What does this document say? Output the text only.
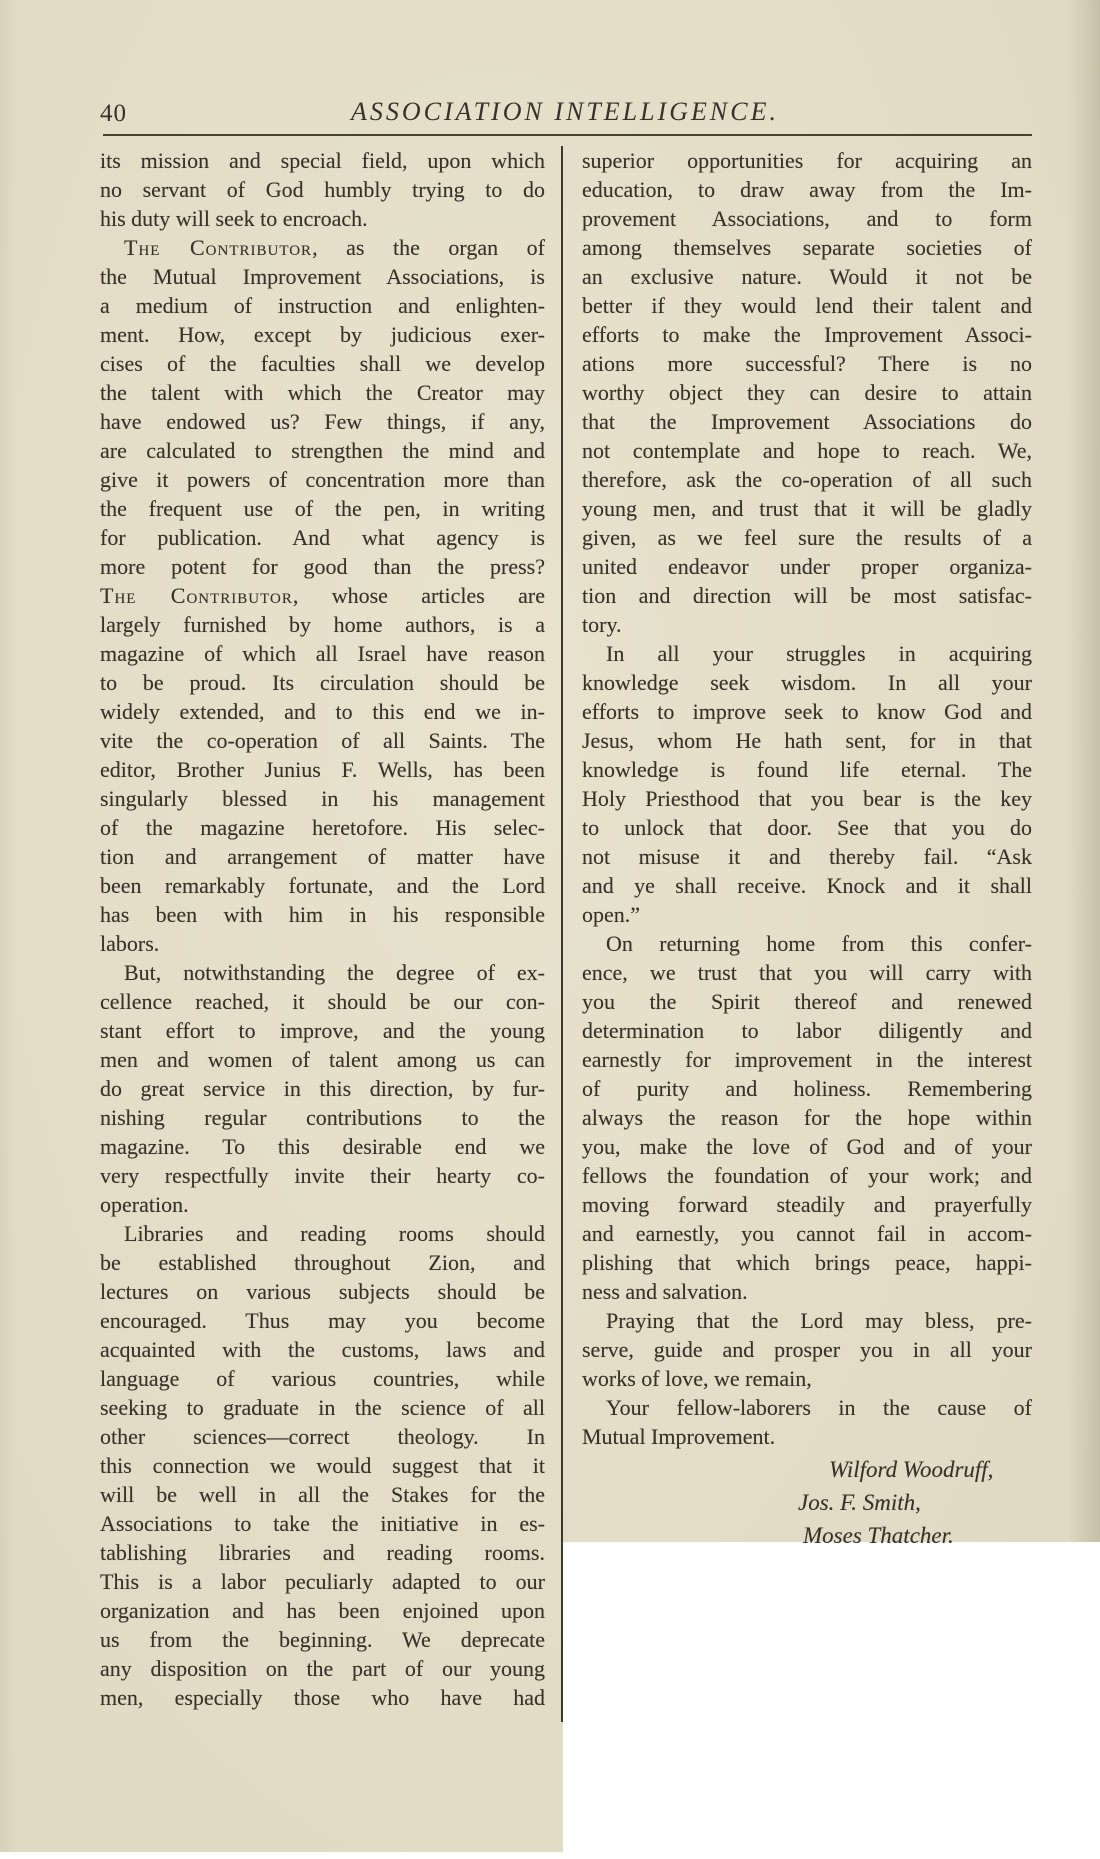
40	ASSOCIATION INTELLIGENCE.
its mission and special field, upon which
no servant of God humbly trying to do
his duty will seek to encroach.
The Contributor, as the organ of
the Mutual Improvement Associations, is
a medium of instruction and enlighten-
ment. How, except by judicious exer-
cises of the faculties shall we develop
the talent with which the Creator may
have endowed us? Few things, if any,
are calculated to strengthen the mind and
give it powers of concentration more than
the frequent use of the pen, in writing
for publication. And what agency is
more potent for good than the press?
The Contributor, whose articles are
largely furnished by home authors, is a
magazine of which all Israel have reason
to be proud. Its circulation should be
widely extended, and to this end we in-
vite the co-operation of all Saints. The
editor, Brother Junius F. Wells, has been
singularly blessed in his management
of the magazine heretofore. His selec-
tion and arrangement of matter have
been remarkably fortunate, and the Lord
has been with him in his responsible
labors.
But, notwithstanding the degree of ex-
cellence reached, it should be our con-
stant effort to improve, and the young
men and women of talent among us can
do great service in this direction, by fur-
nishing regular contributions to the
magazine. To this desirable end we
very respectfully invite their hearty co-
operation.
Libraries and reading rooms should
be established throughout Zion, and
lectures on various subjects should be
encouraged. Thus may you become
acquainted with the customs, laws and
language of various countries, while
seeking to graduate in the science of all
other sciences—correct theology. In
this connection we would suggest that it
will be well in all the Stakes for the
Associations to take the initiative in es-
tablishing libraries and reading rooms.
This is a labor peculiarly adapted to our
organization and has been enjoined upon
us from the beginning. We deprecate
any disposition on the part of our young
men, especially those who have had
superior opportunities for acquiring an
education, to draw away from the Im-
provement Associations, and to form
among themselves separate societies of
an exclusive nature. Would it not be
better if they would lend their talent and
efforts to make the Improvement Associ-
ations more successful? There is no
worthy object they can desire to attain
that the Improvement Associations do
not contemplate and hope to reach. We,
therefore, ask the co-operation of all such
young men, and trust that it will be gladly
given, as we feel sure the results of a
united endeavor under proper organiza-
tion and direction will be most satisfac-
tory.
In all your struggles in acquiring
knowledge seek wisdom. In all your
efforts to improve seek to know God and
Jesus, whom He hath sent, for in that
knowledge is found life eternal. The
Holy Priesthood that you bear is the key
to unlock that door. See that you do
not misuse it and thereby fail. “Ask
and ye shall receive. Knock and it shall
open.”
On returning home from this confer-
ence, we trust that you will carry with
you the Spirit thereof and renewed
determination to labor diligently and
earnestly for improvement in the interest
of purity and holiness. Remembering
always the reason for the hope within
you, make the love of God and of your
fellows the foundation of your work; and
moving forward steadily and prayerfully
and earnestly, you cannot fail in accom-
plishing that which brings peace, happi-
ness and salvation.
Praying that the Lord may bless, pre-
serve, guide and prosper you in all your
works of love, we remain,
Your fellow-laborers in the cause of
Mutual Improvement.
Wilford Woodruff,
Jos. F. Smith,
Moses Thatcher.
